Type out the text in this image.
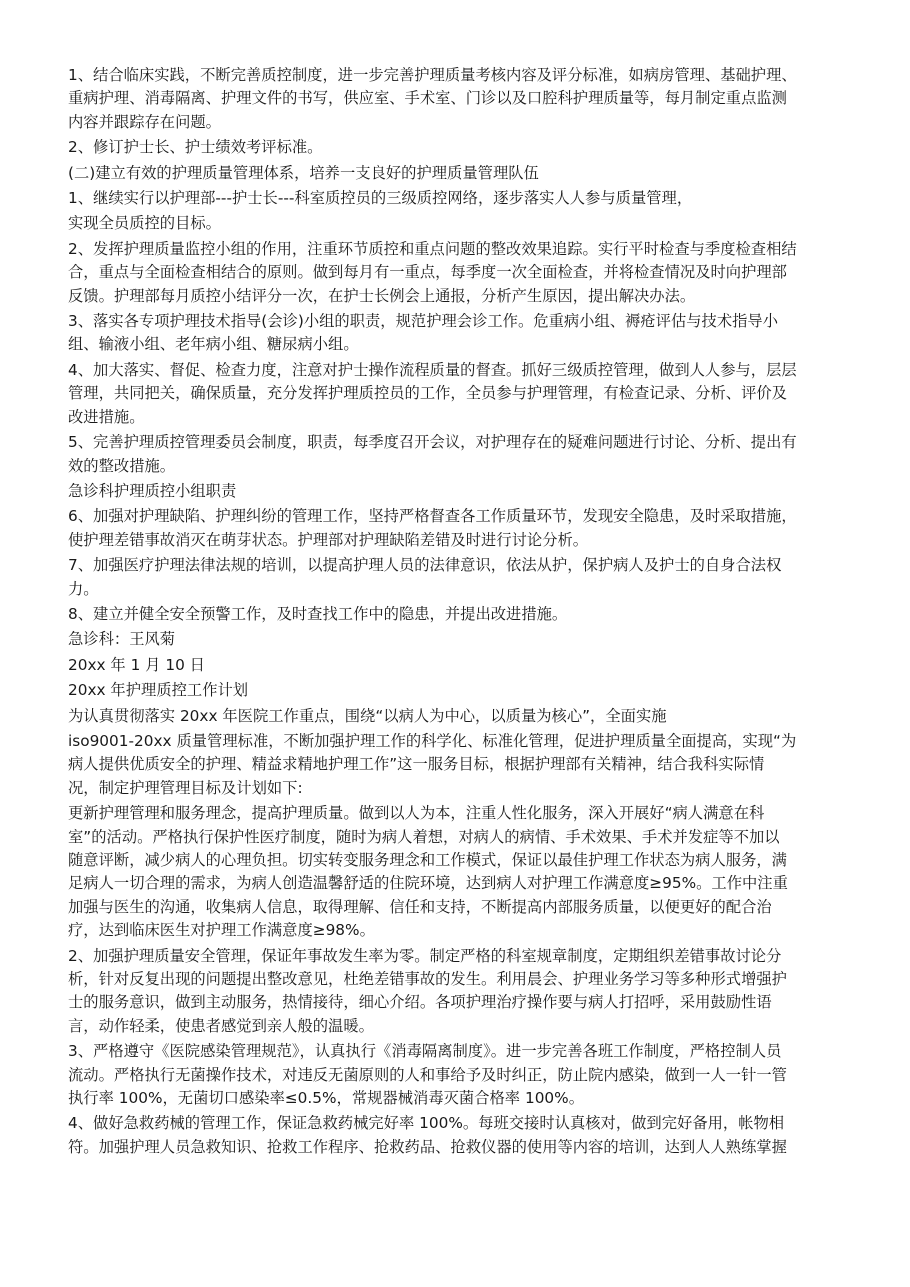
1、结合临床实践，不断完善质控制度，进一步完善护理质量考核内容及评分标准，如病房管理、基础护理、
重病护理、消毒隔离、护理文件的书写，供应室、手术室、门诊以及口腔科护理质量等，每月制定重点监测
内容并跟踪存在问题。
2、修订护士长、护士绩效考评标准。
(二)建立有效的护理质量管理体系，培养一支良好的护理质量管理队伍
1、继续实行以护理部---护士长---科室质控员的三级质控网络，逐步落实人人参与质量管理，
实现全员质控的目标。
2、发挥护理质量监控小组的作用，注重环节质控和重点问题的整改效果追踪。实行平时检查与季度检查相结
合，重点与全面检查相结合的原则。做到每月有一重点，每季度一次全面检查，并将检查情况及时向护理部
反馈。护理部每月质控小结评分一次，在护士长例会上通报，分析产生原因，提出解决办法。
3、落实各专项护理技术指导(会诊)小组的职责，规范护理会诊工作。危重病小组、褥疮评估与技术指导小
组、输液小组、老年病小组、糖尿病小组。
4、加大落实、督促、检查力度，注意对护士操作流程质量的督查。抓好三级质控管理，做到人人参与，层层
管理，共同把关，确保质量，充分发挥护理质控员的工作，全员参与护理管理，有检查记录、分析、评价及
改进措施。
5、完善护理质控管理委员会制度，职责，每季度召开会议，对护理存在的疑难问题进行讨论、分析、提出有
效的整改措施。
急诊科护理质控小组职责
6、加强对护理缺陷、护理纠纷的管理工作，坚持严格督查各工作质量环节，发现安全隐患，及时采取措施，
使护理差错事故消灭在萌芽状态。护理部对护理缺陷差错及时进行讨论分析。
7、加强医疗护理法律法规的培训，以提高护理人员的法律意识，依法从护，保护病人及护士的自身合法权
力。
8、建立并健全安全预警工作，及时查找工作中的隐患，并提出改进措施。
急诊科：王风菊
20xx 年 1 月 10 日
20xx 年护理质控工作计划
为认真贯彻落实 20xx 年医院工作重点，围绕“以病人为中心，以质量为核心”，全面实施
iso9001-20xx 质量管理标准，不断加强护理工作的科学化、标准化管理，促进护理质量全面提高，实现“为
病人提供优质安全的护理、精益求精地护理工作”这一服务目标，根据护理部有关精神，结合我科实际情
况，制定护理管理目标及计划如下:
更新护理管理和服务理念，提高护理质量。做到以人为本，注重人性化服务，深入开展好“病人满意在科
室”的活动。严格执行保护性医疗制度，随时为病人着想，对病人的病情、手术效果、手术并发症等不加以
随意评断，减少病人的心理负担。切实转变服务理念和工作模式，保证以最佳护理工作状态为病人服务，满
足病人一切合理的需求，为病人创造温馨舒适的住院环境，达到病人对护理工作满意度≥95%。工作中注重
加强与医生的沟通，收集病人信息，取得理解、信任和支持，不断提高内部服务质量，以便更好的配合治
疗，达到临床医生对护理工作满意度≥98%。
2、加强护理质量安全管理，保证年事故发生率为零。制定严格的科室规章制度，定期组织差错事故讨论分
析，针对反复出现的问题提出整改意见，杜绝差错事故的发生。利用晨会、护理业务学习等多种形式增强护
士的服务意识，做到主动服务，热情接待，细心介绍。各项护理治疗操作要与病人打招呼，采用鼓励性语
言，动作轻柔，使患者感觉到亲人般的温暖。
3、严格遵守《医院感染管理规范》，认真执行《消毒隔离制度》。进一步完善各班工作制度，严格控制人员
流动。严格执行无菌操作技术，对违反无菌原则的人和事给予及时纠正，防止院内感染，做到一人一针一管
执行率 100%，无菌切口感染率≤0.5%，常规器械消毒灭菌合格率 100%。
4、做好急救药械的管理工作，保证急救药械完好率 100%。每班交接时认真核对，做到完好备用，帐物相
符。加强护理人员急救知识、抢救工作程序、抢救药品、抢救仪器的使用等内容的培训，达到人人熟练掌握
